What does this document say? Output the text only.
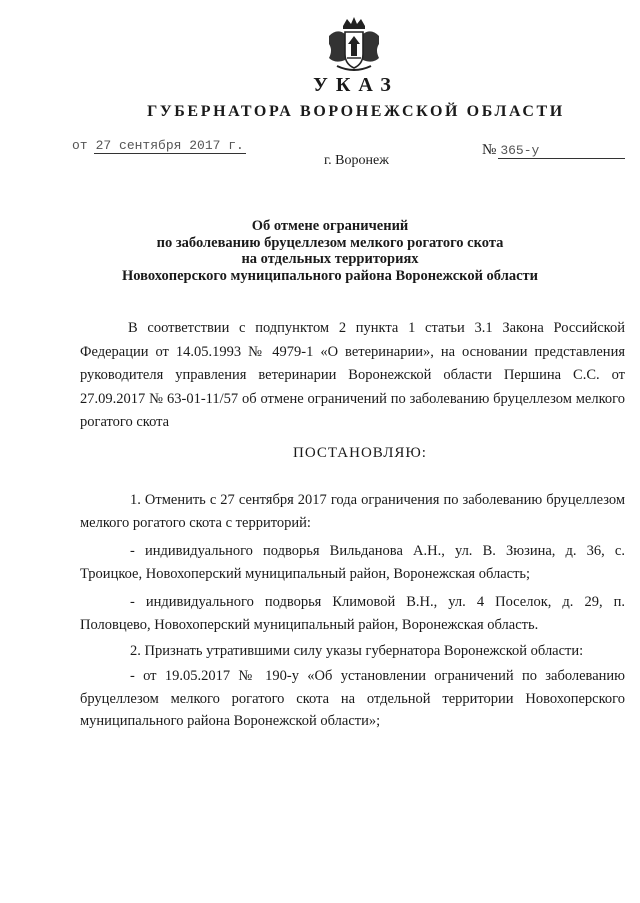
УКАЗ
ГУБЕРНАТОРА ВОРОНЕЖСКОЙ ОБЛАСТИ
от 27 сентября 2017 г.	№ 365-у
г. Воронеж
Об отмене ограничений
по заболеванию бруцеллезом мелкого рогатого скота
на отдельных территориях
Новохоперского муниципального района Воронежской области
В соответствии с подпунктом 2 пункта 1 статьи 3.1 Закона Российской Федерации от 14.05.1993 № 4979-1 «О ветеринарии», на основании представления руководителя управления ветеринарии Воронежской области Першина С.С. от 27.09.2017 № 63-01-11/57 об отмене ограничений по заболеванию бруцеллезом мелкого рогатого скота
ПОСТАНОВЛЯЮ:

1. Отменить с 27 сентября 2017 года ограничения по заболеванию бруцеллезом мелкого рогатого скота с территорий:

- индивидуального подворья Вильданова А.Н., ул. В. Зюзина, д. 36, с. Троицкое, Новохоперский муниципальный район, Воронежская область;

- индивидуального подворья Климовой В.Н., ул. 4 Поселок, д. 29, п. Половцево, Новохоперский муниципальный район, Воронежская область.

2. Признать утратившими силу указы губернатора Воронежской области:

- от 19.05.2017 № 190-у «Об установлении ограничений по заболеванию бруцеллезом мелкого рогатого скота на отдельной территории Новохоперского муниципального района Воронежской области»;
